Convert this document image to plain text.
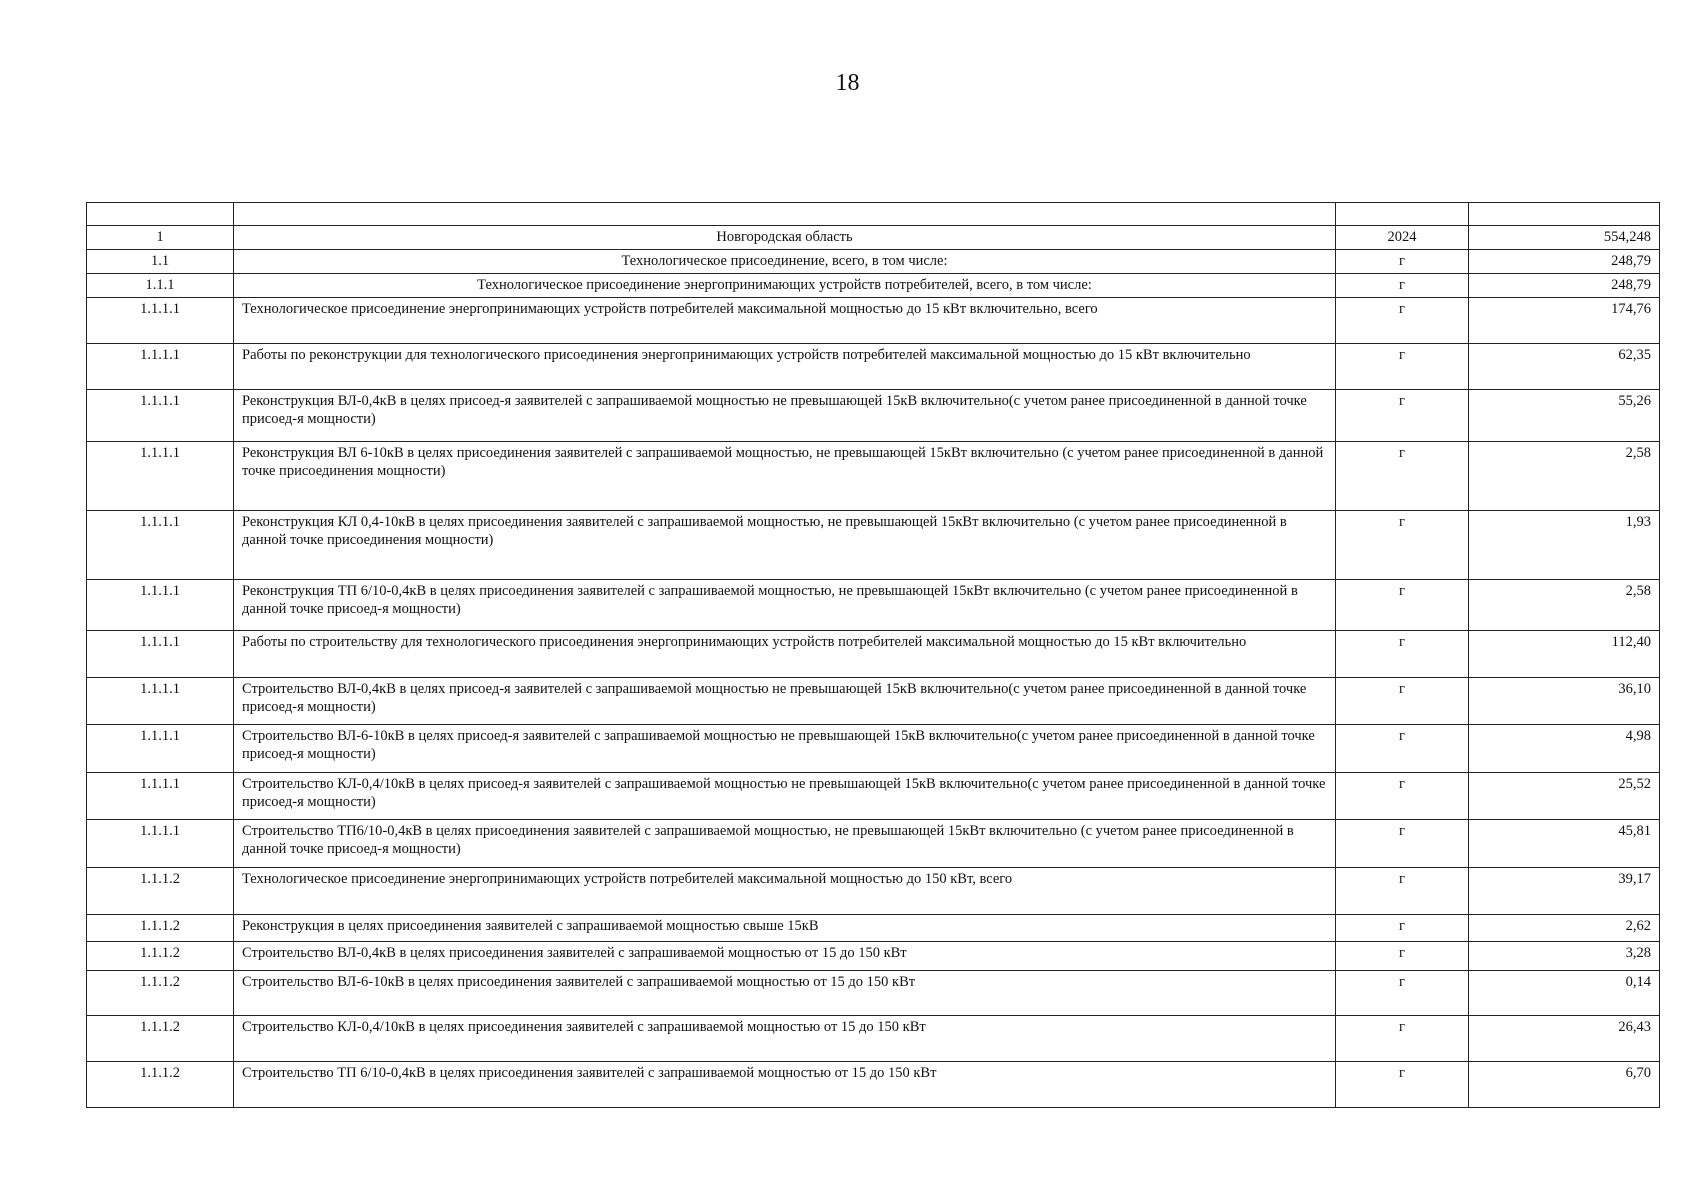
18

1	Новгородская область	2024	554,248
1.1	Технологическое присоединение, всего, в том числе:	г	248,79
1.1.1	Технологическое присоединение энергопринимающих устройств потребителей, всего, в том числе:	г	248,79
1.1.1.1	Технологическое присоединение энергопринимающих устройств потребителей максимальной мощностью до 15 кВт включительно, всего	г	174,76
1.1.1.1	Работы по реконструкции для технологического присоединения энергопринимающих устройств потребителей максимальной мощностью до 15 кВт включительно	г	62,35
1.1.1.1	Реконструкция ВЛ-0,4кВ в целях присоед-я заявителей с запрашиваемой мощностью не превышающей 15кВ включительно(с учетом ранее присоединенной в данной точке присоед-я мощности)	г	55,26
1.1.1.1	Реконструкция ВЛ 6-10кВ в целях присоединения заявителей с запрашиваемой мощностью, не превышающей 15кВт включительно (с учетом ранее присоединенной в данной точке присоединения мощности)	г	2,58
1.1.1.1	Реконструкция КЛ 0,4-10кВ в целях присоединения заявителей с запрашиваемой мощностью, не превышающей 15кВт включительно (с учетом ранее присоединенной в данной точке присоединения мощности)	г	1,93
1.1.1.1	Реконструкция ТП 6/10-0,4кВ в целях присоединения заявителей с запрашиваемой мощностью, не превышающей 15кВт включительно (с учетом ранее присоединенной в данной точке присоед-я мощности)	г	2,58
1.1.1.1	Работы по строительству для технологического присоединения энергопринимающих устройств потребителей максимальной мощностью до 15 кВт включительно	г	112,40
1.1.1.1	Строительство ВЛ-0,4кВ в целях присоед-я заявителей с запрашиваемой мощностью не превышающей 15кВ включительно(с учетом ранее присоединенной в данной точке присоед-я мощности)	г	36,10
1.1.1.1	Строительство ВЛ-6-10кВ в целях присоед-я заявителей с запрашиваемой мощностью не превышающей 15кВ включительно(с учетом ранее присоединенной в данной точке присоед-я мощности)	г	4,98
1.1.1.1	Строительство КЛ-0,4/10кВ в целях присоед-я заявителей с запрашиваемой мощностью не превышающей 15кВ включительно(с учетом ранее присоединенной в данной точке присоед-я мощности)	г	25,52
1.1.1.1	Строительство ТП6/10-0,4кВ в целях присоединения заявителей с запрашиваемой мощностью, не превышающей 15кВт включительно (с учетом ранее присоединенной в данной точке присоед-я мощности)	г	45,81
1.1.1.2	Технологическое присоединение энергопринимающих устройств потребителей максимальной мощностью до 150 кВт, всего	г	39,17
1.1.1.2	Реконструкция в целях присоединения заявителей с запрашиваемой мощностью свыше 15кВ	г	2,62
1.1.1.2	Строительство ВЛ-0,4кВ в целях присоединения заявителей с запрашиваемой мощностью от 15 до 150 кВт	г	3,28
1.1.1.2	Строительство ВЛ-6-10кВ в целях присоединения заявителей с запрашиваемой мощностью от 15 до 150 кВт	г	0,14
1.1.1.2	Строительство КЛ-0,4/10кВ в целях присоединения заявителей с запрашиваемой мощностью от 15 до 150 кВт	г	26,43
1.1.1.2	Строительство ТП 6/10-0,4кВ в целях присоединения заявителей с запрашиваемой мощностью от 15 до 150 кВт	г	6,70
